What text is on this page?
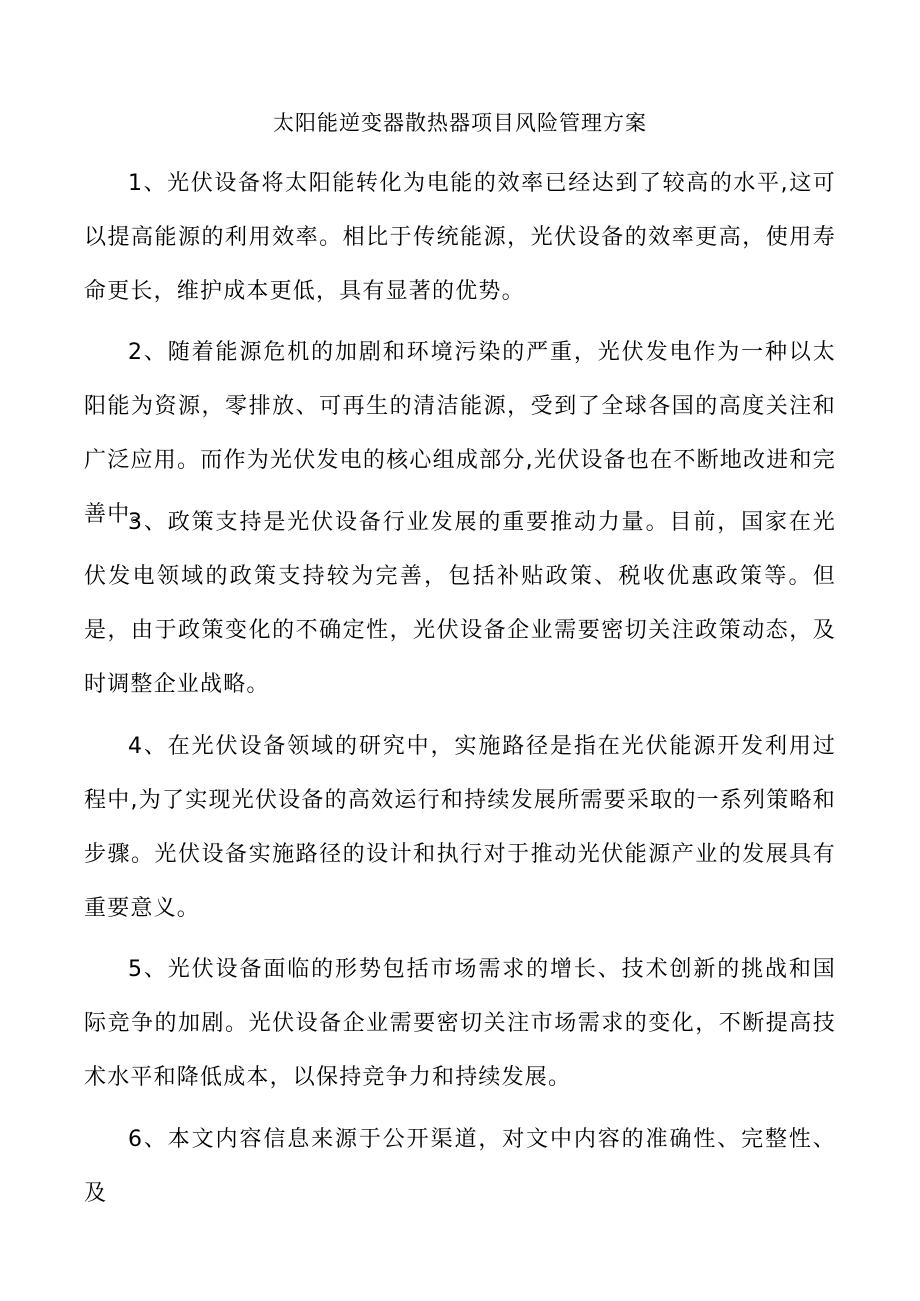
太阳能逆变器散热器项目风险管理方案

1、光伏设备将太阳能转化为电能的效率已经达到了较高的水平,这可以提高能源的利用效率。相比于传统能源，光伏设备的效率更高，使用寿命更长，维护成本更低，具有显著的优势。

2、随着能源危机的加剧和环境污染的严重，光伏发电作为一种以太阳能为资源，零排放、可再生的清洁能源，受到了全球各国的高度关注和广泛应用。而作为光伏发电的核心组成部分,光伏设备也在不断地改进和完善中。

3、政策支持是光伏设备行业发展的重要推动力量。目前，国家在光伏发电领域的政策支持较为完善，包括补贴政策、税收优惠政策等。但是，由于政策变化的不确定性，光伏设备企业需要密切关注政策动态，及时调整企业战略。

4、在光伏设备领域的研究中，实施路径是指在光伏能源开发利用过程中,为了实现光伏设备的高效运行和持续发展所需要采取的一系列策略和步骤。光伏设备实施路径的设计和执行对于推动光伏能源产业的发展具有重要意义。

5、光伏设备面临的形势包括市场需求的增长、技术创新的挑战和国际竞争的加剧。光伏设备企业需要密切关注市场需求的变化，不断提高技术水平和降低成本，以保持竞争力和持续发展。

6、本文内容信息来源于公开渠道，对文中内容的准确性、完整性、及
